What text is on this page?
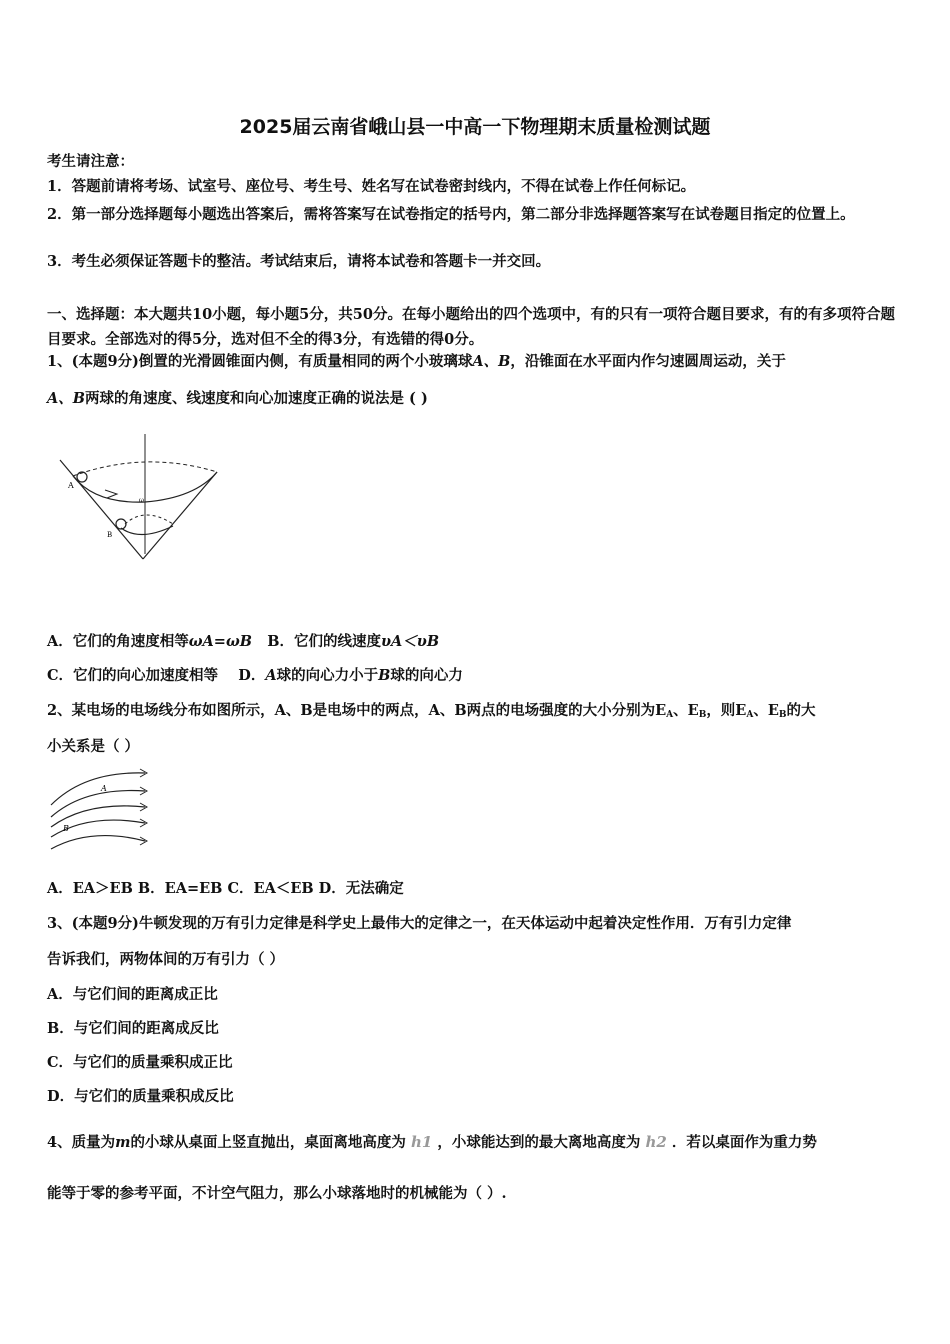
2025届云南省峨山县一中高一下物理期末质量检测试题
考生请注意：
1．答题前请将考场、试室号、座位号、考生号、姓名写在试卷密封线内，不得在试卷上作任何标记。
2．第一部分选择题每小题选出答案后，需将答案写在试卷指定的括号内，第二部分非选择题答案写在试卷题目指定的位置上。
3．考生必须保证答题卡的整洁。考试结束后，请将本试卷和答题卡一并交回。
一、选择题：本大题共10小题，每小题5分，共50分。在每小题给出的四个选项中，有的只有一项符合题目要求，有的有多项符合题目要求。全部选对的得5分，选对但不全的得3分，有选错的得0分。
1、(本题9分)倒置的光滑圆锥面内侧，有质量相同的两个小玻璃球A、B，沿锥面在水平面内作匀速圆周运动，关于
A、B两球的角速度、线速度和向心加速度正确的说法是 ( )
A
B
ω
A．它们的角速度相等ωA=ωB B．它们的线速度υA＜υB
C．它们的向心加速度相等 D．A球的向心力小于B球的向心力
2、某电场的电场线分布如图所示，A、B是电场中的两点，A、B两点的电场强度的大小分别为$E_A$、$E_B$，则$E_A$、$E_B$的大
小关系是（ ）
A
B
A．EA＞EB B．EA=EB C．EA＜EB D．无法确定
3、(本题9分)牛顿发现的万有引力定律是科学史上最伟大的定律之一，在天体运动中起着决定性作用．万有引力定律
告诉我们，两物体间的万有引力（ ）
A．与它们间的距离成正比
B．与它们间的距离成反比
C．与它们的质量乘积成正比
D．与它们的质量乘积成反比
4、质量为m的小球从桌面上竖直抛出，桌面离地高度为 h1 ，小球能达到的最大离地高度为 h2 ．若以桌面作为重力势
能等于零的参考平面，不计空气阻力，那么小球落地时的机械能为（ ）.
